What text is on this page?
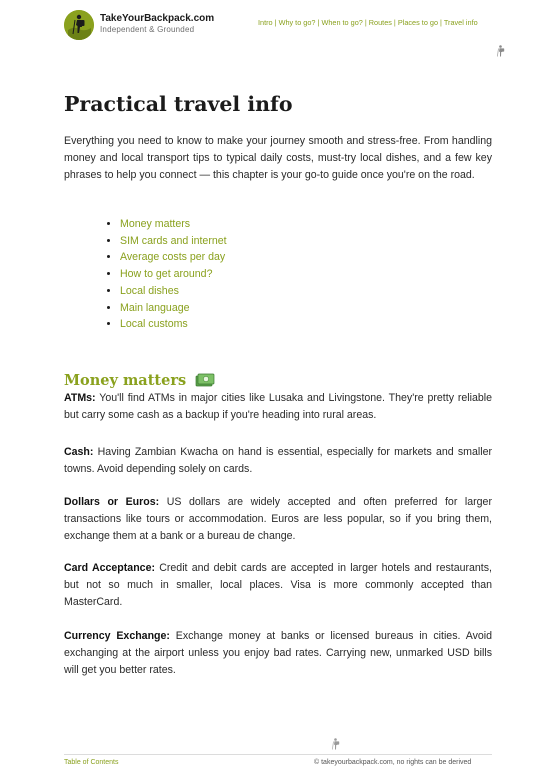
TakeYourBackpack.com
Independent & Grounded
Intro | Why to go? | When to go? | Routes | Places to go | Travel info
Practical travel info

Everything you need to know to make your journey smooth and stress-free. From handling money and local transport tips to typical daily costs, must-try local dishes, and a few key phrases to help you connect — this chapter is your go-to guide once you're on the road.

• Money matters
• SIM cards and internet
• Average costs per day
• How to get around?
• Local dishes
• Main language
• Local customs
Money matters

ATMs: You'll find ATMs in major cities like Lusaka and Livingstone. They're pretty reliable but carry some cash as a backup if you're heading into rural areas.

Cash: Having Zambian Kwacha on hand is essential, especially for markets and smaller towns. Avoid depending solely on cards.

Dollars or Euros: US dollars are widely accepted and often preferred for larger transactions like tours or accommodation. Euros are less popular, so if you bring them, exchange them at a bank or a bureau de change.

Card Acceptance: Credit and debit cards are accepted in larger hotels and restaurants, but not so much in smaller, local places. Visa is more commonly accepted than MasterCard.

Currency Exchange: Exchange money at banks or licensed bureaus in cities. Avoid exchanging at the airport unless you enjoy bad rates. Carrying new, unmarked USD bills will get you better rates.

Table of Contents	© takeyourbackpack.com, no rights can be derived
